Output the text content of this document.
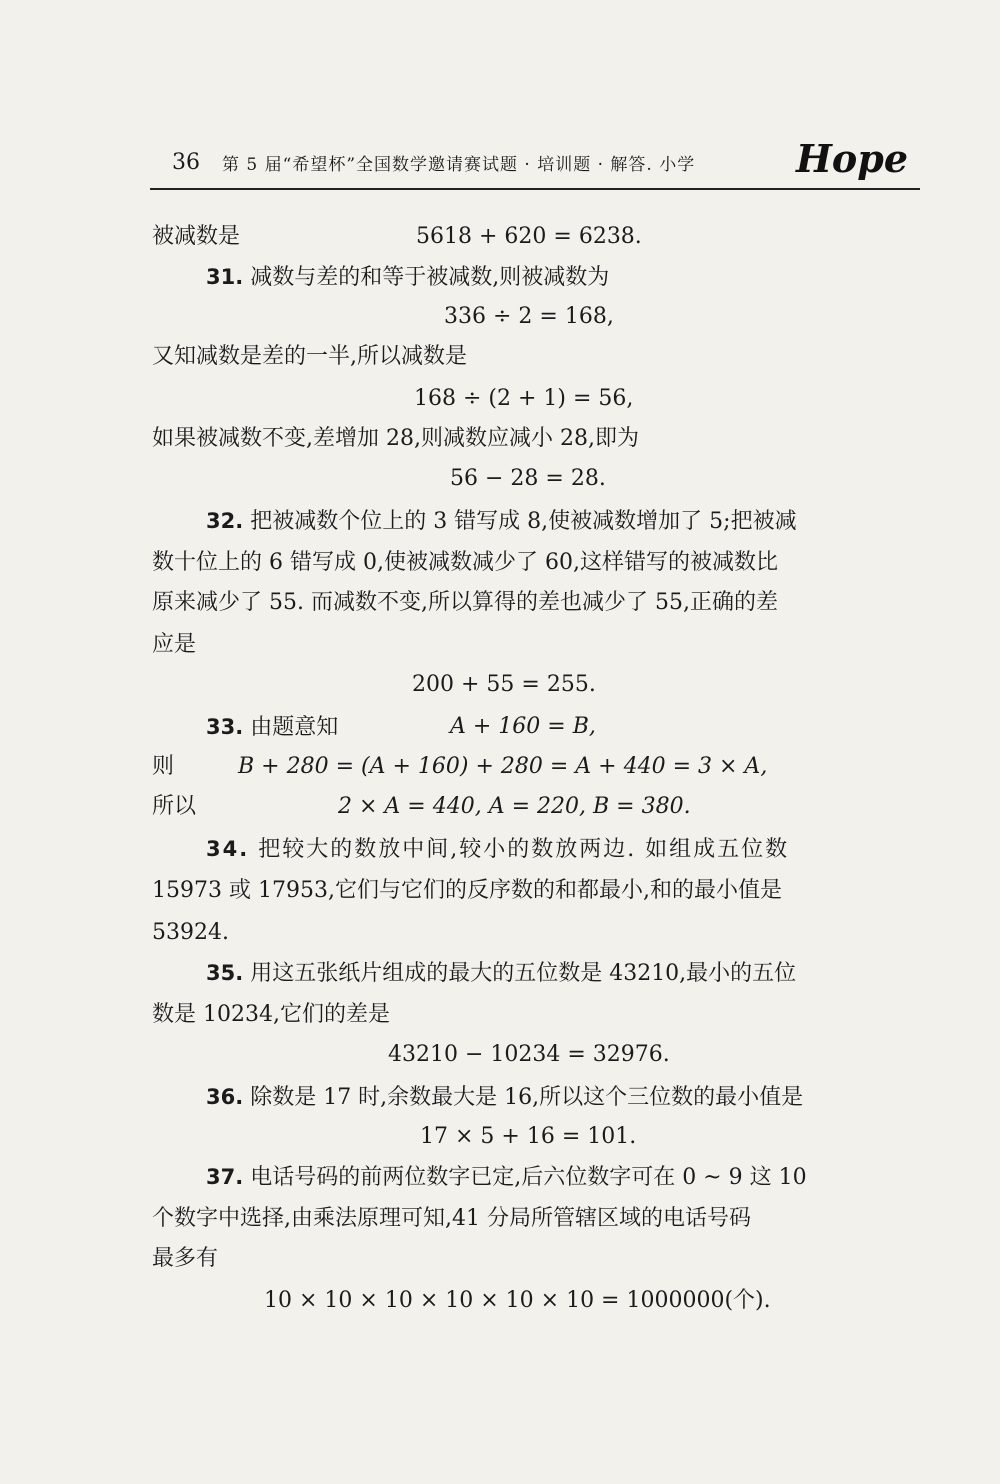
36 第 5 届“希望杯”全国数学邀请赛试题 · 培训题 · 解答. 小学	Hope
被减数是	5618 + 620 = 6238.
31. 减数与差的和等于被减数,则被减数为
336 ÷ 2 = 168,
又知减数是差的一半,所以减数是
168 ÷ (2 + 1) = 56,
如果被减数不变,差增加 28,则减数应减小 28,即为
56 − 28 = 28.
32. 把被减数个位上的 3 错写成 8,使被减数增加了 5;把被减
数十位上的 6 错写成 0,使被减数减少了 60,这样错写的被减数比
原来减少了 55. 而减数不变,所以算得的差也减少了 55,正确的差
应是
200 + 55 = 255.
33. 由题意知	A + 160 = B,
则	B + 280 = (A + 160) + 280 = A + 440 = 3 × A,
所以	2 × A = 440, A = 220, B = 380.
34. 把较大的数放中间,较小的数放两边. 如组成五位数
15973 或 17953,它们与它们的反序数的和都最小,和的最小值是
53924.
35. 用这五张纸片组成的最大的五位数是 43210,最小的五位
数是 10234,它们的差是
43210 − 10234 = 32976.
36. 除数是 17 时,余数最大是 16,所以这个三位数的最小值是
17 × 5 + 16 = 101.
37. 电话号码的前两位数字已定,后六位数字可在 0 ~ 9 这 10
个数字中选择,由乘法原理可知,41 分局所管辖区域的电话号码
最多有
10 × 10 × 10 × 10 × 10 × 10 = 1000000(个).
